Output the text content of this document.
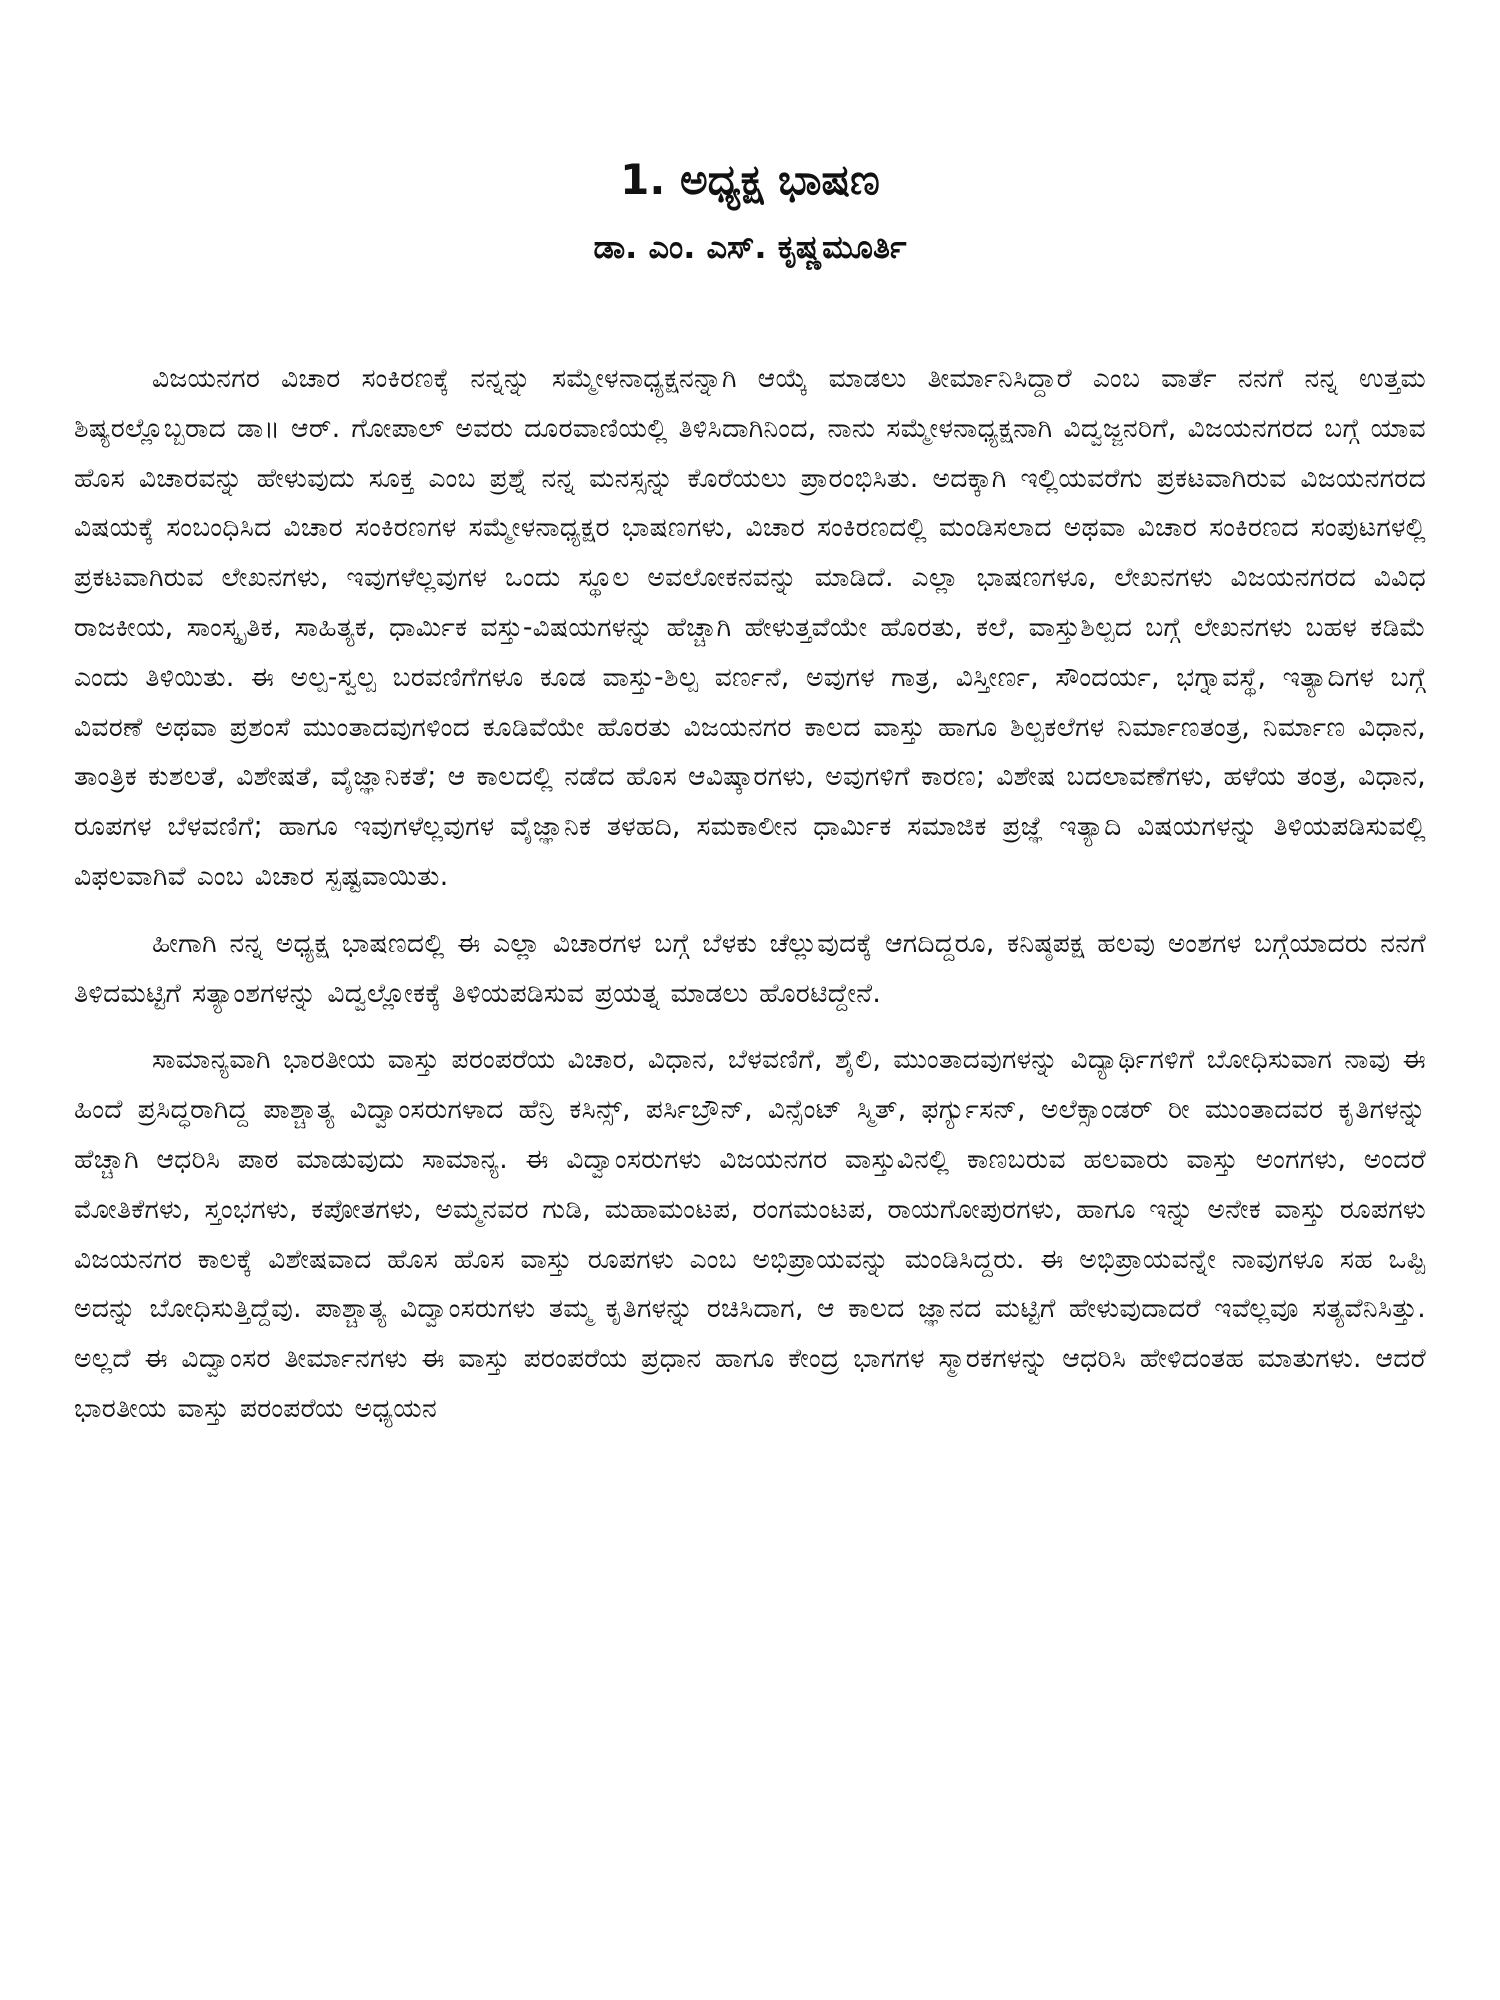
1. ಅಧ್ಯಕ್ಷ ಭಾಷಣ
ಡಾ. ಎಂ. ಎಸ್. ಕೃಷ್ಣಮೂರ್ತಿ

ವಿಜಯನಗರ ವಿಚಾರ ಸಂಕಿರಣಕ್ಕೆ ನನ್ನನ್ನು ಸಮ್ಮೇಳನಾಧ್ಯಕ್ಷನನ್ನಾಗಿ ಆಯ್ಕೆ ಮಾಡಲು ತೀರ್ಮಾನಿಸಿದ್ದಾರೆ ಎಂಬ ವಾರ್ತೆ ನನಗೆ ನನ್ನ ಉತ್ತಮ ಶಿಷ್ಯರಲ್ಲೊಬ್ಬರಾದ ಡಾ॥ ಆರ್. ಗೋಪಾಲ್ ಅವರು ದೂರವಾಣಿಯಲ್ಲಿ ತಿಳಿಸಿದಾಗಿನಿಂದ, ನಾನು ಸಮ್ಮೇಳನಾಧ್ಯಕ್ಷನಾಗಿ ವಿದ್ವಜ್ಜನರಿಗೆ, ವಿಜಯನಗರದ ಬಗ್ಗೆ ಯಾವ ಹೊಸ ವಿಚಾರವನ್ನು ಹೇಳುವುದು ಸೂಕ್ತ ಎಂಬ ಪ್ರಶ್ನೆ ನನ್ನ ಮನಸ್ಸನ್ನು ಕೊರೆಯಲು ಪ್ರಾರಂಭಿಸಿತು. ಅದಕ್ಕಾಗಿ ಇಲ್ಲಿಯವರೆಗು ಪ್ರಕಟವಾಗಿರುವ ವಿಜಯನಗರದ ವಿಷಯಕ್ಕೆ ಸಂಬಂಧಿಸಿದ ವಿಚಾರ ಸಂಕಿರಣಗಳ ಸಮ್ಮೇಳನಾಧ್ಯಕ್ಷರ ಭಾಷಣಗಳು, ವಿಚಾರ ಸಂಕಿರಣದಲ್ಲಿ ಮಂಡಿಸಲಾದ ಅಥವಾ ವಿಚಾರ ಸಂಕಿರಣದ ಸಂಪುಟಗಳಲ್ಲಿ ಪ್ರಕಟವಾಗಿರುವ ಲೇಖನಗಳು, ಇವುಗಳೆಲ್ಲವುಗಳ ಒಂದು ಸ್ಥೂಲ ಅವಲೋಕನವನ್ನು ಮಾಡಿದೆ. ಎಲ್ಲಾ ಭಾಷಣಗಳೂ, ಲೇಖನಗಳು ವಿಜಯನಗರದ ವಿವಿಧ ರಾಜಕೀಯ, ಸಾಂಸ್ಕೃತಿಕ, ಸಾಹಿತ್ಯಕ, ಧಾರ್ಮಿಕ ವಸ್ತು-ವಿಷಯಗಳನ್ನು ಹೆಚ್ಚಾಗಿ ಹೇಳುತ್ತವೆಯೇ ಹೊರತು, ಕಲೆ, ವಾಸ್ತುಶಿಲ್ಪದ ಬಗ್ಗೆ ಲೇಖನಗಳು ಬಹಳ ಕಡಿಮೆ ಎಂದು ತಿಳಿಯಿತು. ಈ ಅಲ್ಪ-ಸ್ವಲ್ಪ ಬರವಣಿಗೆಗಳೂ ಕೂಡ ವಾಸ್ತು-ಶಿಲ್ಪ ವರ್ಣನೆ, ಅವುಗಳ ಗಾತ್ರ, ವಿಸ್ತೀರ್ಣ, ಸೌಂದರ್ಯ, ಭಗ್ನಾವಸ್ಥೆ, ಇತ್ಯಾದಿಗಳ ಬಗ್ಗೆ ವಿವರಣೆ ಅಥವಾ ಪ್ರಶಂಸೆ ಮುಂತಾದವುಗಳಿಂದ ಕೂಡಿವೆಯೇ ಹೊರತು ವಿಜಯನಗರ ಕಾಲದ ವಾಸ್ತು ಹಾಗೂ ಶಿಲ್ಪಕಲೆಗಳ ನಿರ್ಮಾಣತಂತ್ರ, ನಿರ್ಮಾಣ ವಿಧಾನ, ತಾಂತ್ರಿಕ ಕುಶಲತೆ, ವಿಶೇಷತೆ, ವೈಜ್ಞಾನಿಕತೆ; ಆ ಕಾಲದಲ್ಲಿ ನಡೆದ ಹೊಸ ಆವಿಷ್ಕಾರಗಳು, ಅವುಗಳಿಗೆ ಕಾರಣ; ವಿಶೇಷ ಬದಲಾವಣೆಗಳು, ಹಳೆಯ ತಂತ್ರ, ವಿಧಾನ, ರೂಪಗಳ ಬೆಳವಣಿಗೆ; ಹಾಗೂ ಇವುಗಳೆಲ್ಲವುಗಳ ವೈಜ್ಞಾನಿಕ ತಳಹದಿ, ಸಮಕಾಲೀನ ಧಾರ್ಮಿಕ ಸಮಾಜಿಕ ಪ್ರಜ್ಞೆ ಇತ್ಯಾದಿ ವಿಷಯಗಳನ್ನು ತಿಳಿಯಪಡಿಸುವಲ್ಲಿ ವಿಫಲವಾಗಿವೆ ಎಂಬ ವಿಚಾರ ಸ್ಪಷ್ಟವಾಯಿತು.

ಹೀಗಾಗಿ ನನ್ನ ಅಧ್ಯಕ್ಷ ಭಾಷಣದಲ್ಲಿ ಈ ಎಲ್ಲಾ ವಿಚಾರಗಳ ಬಗ್ಗೆ ಬೆಳಕು ಚೆಲ್ಲುವುದಕ್ಕೆ ಆಗದಿದ್ದರೂ, ಕನಿಷ್ಠಪಕ್ಷ ಹಲವು ಅಂಶಗಳ ಬಗ್ಗೆಯಾದರು ನನಗೆ ತಿಳಿದಮಟ್ಟಿಗೆ ಸತ್ಯಾಂಶಗಳನ್ನು ವಿದ್ವಲ್ಲೋಕಕ್ಕೆ ತಿಳಿಯಪಡಿಸುವ ಪ್ರಯತ್ನ ಮಾಡಲು ಹೊರಟಿದ್ದೇನೆ.

ಸಾಮಾನ್ಯವಾಗಿ ಭಾರತೀಯ ವಾಸ್ತು ಪರಂಪರೆಯ ವಿಚಾರ, ವಿಧಾನ, ಬೆಳವಣಿಗೆ, ಶೈಲಿ, ಮುಂತಾದವುಗಳನ್ನು ವಿದ್ಯಾರ್ಥಿಗಳಿಗೆ ಬೋಧಿಸುವಾಗ ನಾವು ಈ ಹಿಂದೆ ಪ್ರಸಿದ್ಧರಾಗಿದ್ದ ಪಾಶ್ಚಾತ್ಯ ವಿದ್ವಾಂಸರುಗಳಾದ ಹೆನ್ರಿ ಕಸಿನ್ಸ್, ಪರ್ಸಿಬ್ರೌನ್, ವಿನ್ಸೆಂಟ್ ಸ್ಮಿತ್, ಫರ್ಗ್ಯುಸನ್, ಅಲೆಕ್ಸಾಂಡರ್ ರೀ ಮುಂತಾದವರ ಕೃತಿಗಳನ್ನು ಹೆಚ್ಚಾಗಿ ಆಧರಿಸಿ ಪಾಠ ಮಾಡುವುದು ಸಾಮಾನ್ಯ. ಈ ವಿದ್ವಾಂಸರುಗಳು ವಿಜಯನಗರ ವಾಸ್ತುವಿನಲ್ಲಿ ಕಾಣಬರುವ ಹಲವಾರು ವಾಸ್ತು ಅಂಗಗಳು, ಅಂದರೆ ಮೋತಿಕೆಗಳು, ಸ್ತಂಭಗಳು, ಕಪೋತಗಳು, ಅಮ್ಮನವರ ಗುಡಿ, ಮಹಾಮಂಟಪ, ರಂಗಮಂಟಪ, ರಾಯಗೋಪುರಗಳು, ಹಾಗೂ ಇನ್ನು ಅನೇಕ ವಾಸ್ತು ರೂಪಗಳು ವಿಜಯನಗರ ಕಾಲಕ್ಕೆ ವಿಶೇಷವಾದ ಹೊಸ ಹೊಸ ವಾಸ್ತು ರೂಪಗಳು ಎಂಬ ಅಭಿಪ್ರಾಯವನ್ನು ಮಂಡಿಸಿದ್ದರು. ಈ ಅಭಿಪ್ರಾಯವನ್ನೇ ನಾವುಗಳೂ ಸಹ ಒಪ್ಪಿ ಅದನ್ನು ಬೋಧಿಸುತ್ತಿದ್ದೆವು. ಪಾಶ್ಚಾತ್ಯ ವಿದ್ವಾಂಸರುಗಳು ತಮ್ಮ ಕೃತಿಗಳನ್ನು ರಚಿಸಿದಾಗ, ಆ ಕಾಲದ ಜ್ಞಾನದ ಮಟ್ಟಿಗೆ ಹೇಳುವುದಾದರೆ ಇವೆಲ್ಲವೂ ಸತ್ಯವೆನಿಸಿತ್ತು. ಅಲ್ಲದೆ ಈ ವಿದ್ವಾಂಸರ ತೀರ್ಮಾನಗಳು ಈ ವಾಸ್ತು ಪರಂಪರೆಯ ಪ್ರಧಾನ ಹಾಗೂ ಕೇಂದ್ರ ಭಾಗಗಳ ಸ್ಮಾರಕಗಳನ್ನು ಆಧರಿಸಿ ಹೇಳಿದಂತಹ ಮಾತುಗಳು. ಆದರೆ ಭಾರತೀಯ ವಾಸ್ತು ಪರಂಪರೆಯ ಅಧ್ಯಯನ
